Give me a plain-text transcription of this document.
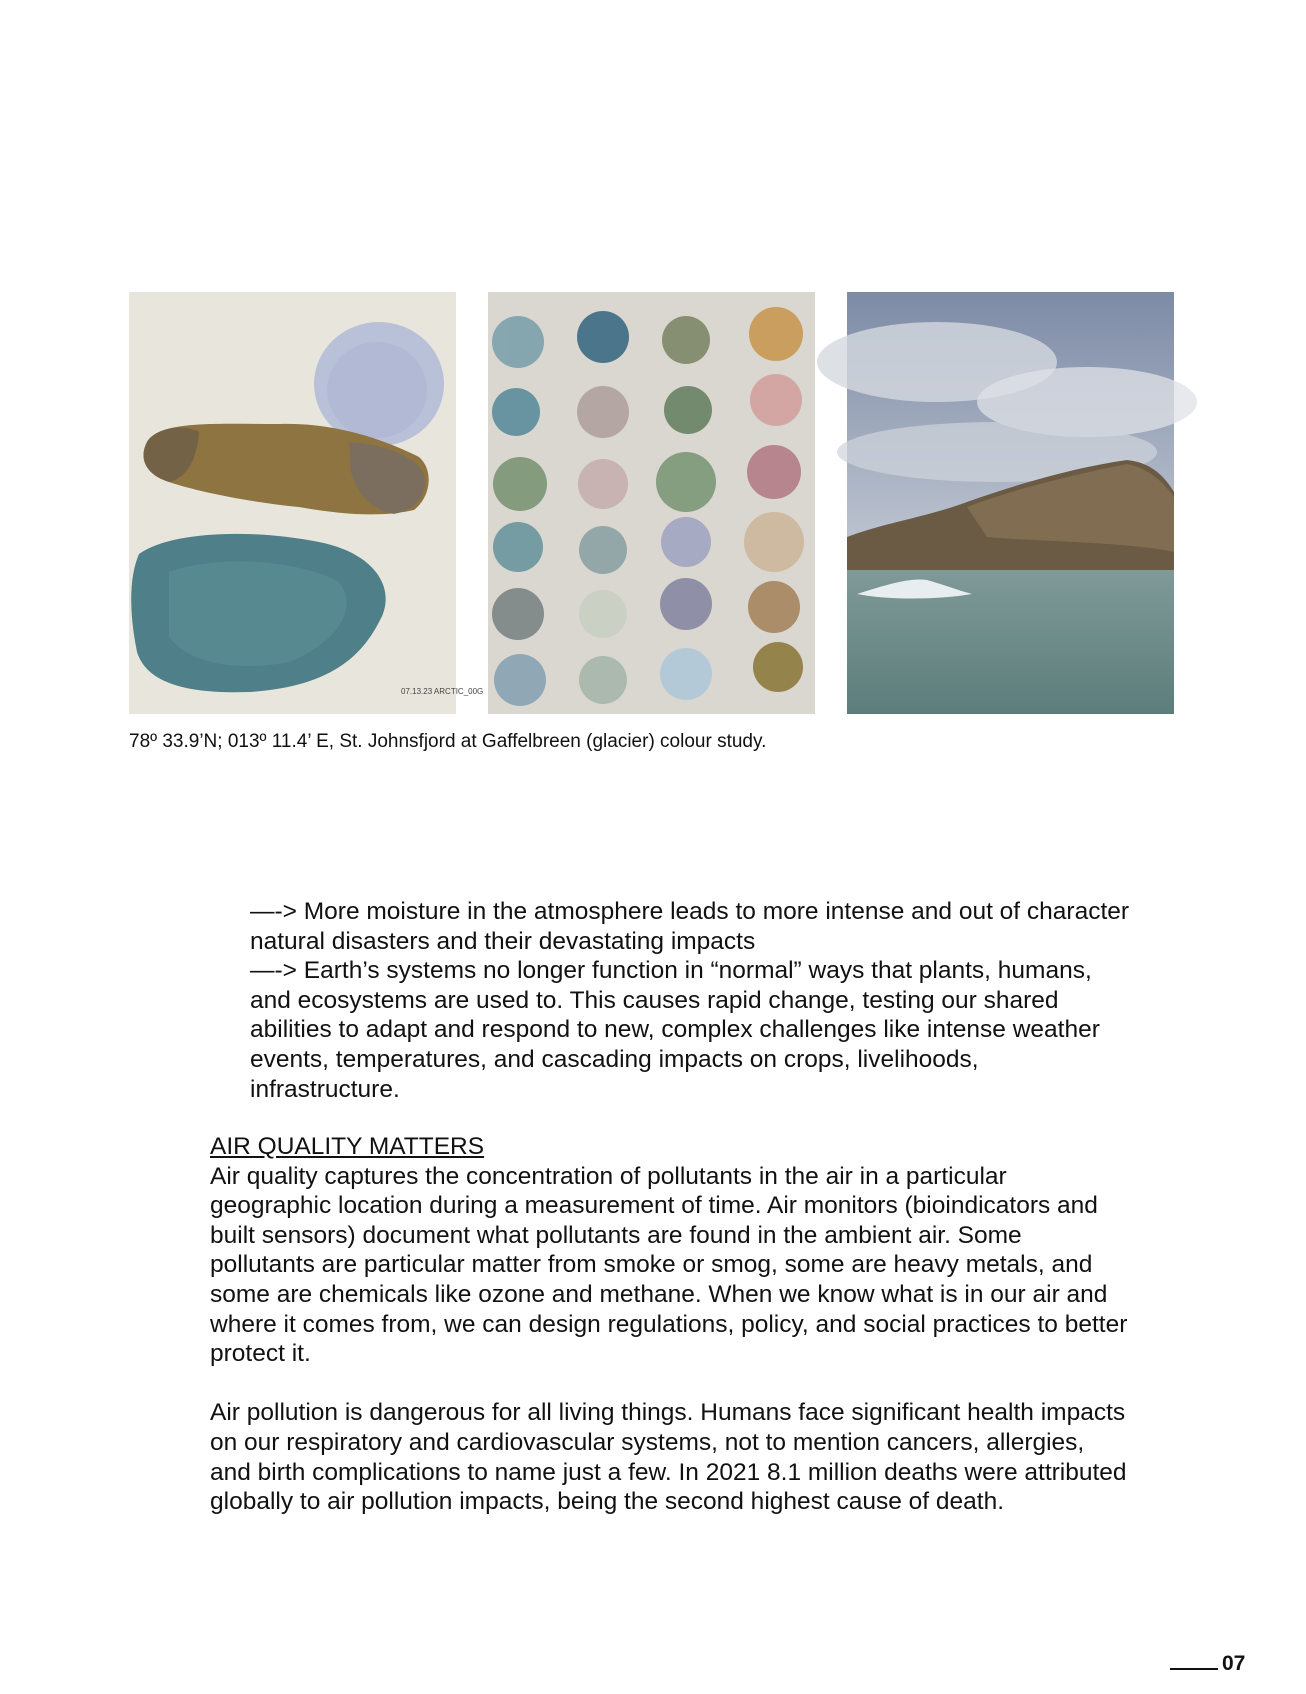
07.13.23 ARCTIC_00G
78º 33.9’N; 013º 11.4’ E, St. Johnsfjord at Gaffelbreen (glacier) colour study.

—-> More moisture in the atmosphere leads to more intense and out of character natural disasters and their devastating impacts

—-> Earth’s systems no longer function in “normal” ways that plants, humans, and ecosystems are used to. This causes rapid change, testing our shared abilities to adapt and respond to new, complex challenges like intense weather events, temperatures, and cascading impacts on crops, livelihoods, infrastructure.

AIR QUALITY MATTERS

Air quality captures the concentration of pollutants in the air in a particular geographic location during a measurement of time. Air monitors (bioindicators and built sensors) document what pollutants are found in the ambient air. Some pollutants are particular matter from smoke or smog, some are heavy metals, and some are chemicals like ozone and methane. When we know what is in our air and where it comes from, we can design regulations, policy, and social practices to better protect it.

Air pollution is dangerous for all living things. Humans face significant health impacts on our respiratory and cardiovascular systems, not to mention cancers, allergies, and birth complications to name just a few. In 2021 8.1 million deaths were attributed globally to air pollution impacts, being the second highest cause of death.

07
